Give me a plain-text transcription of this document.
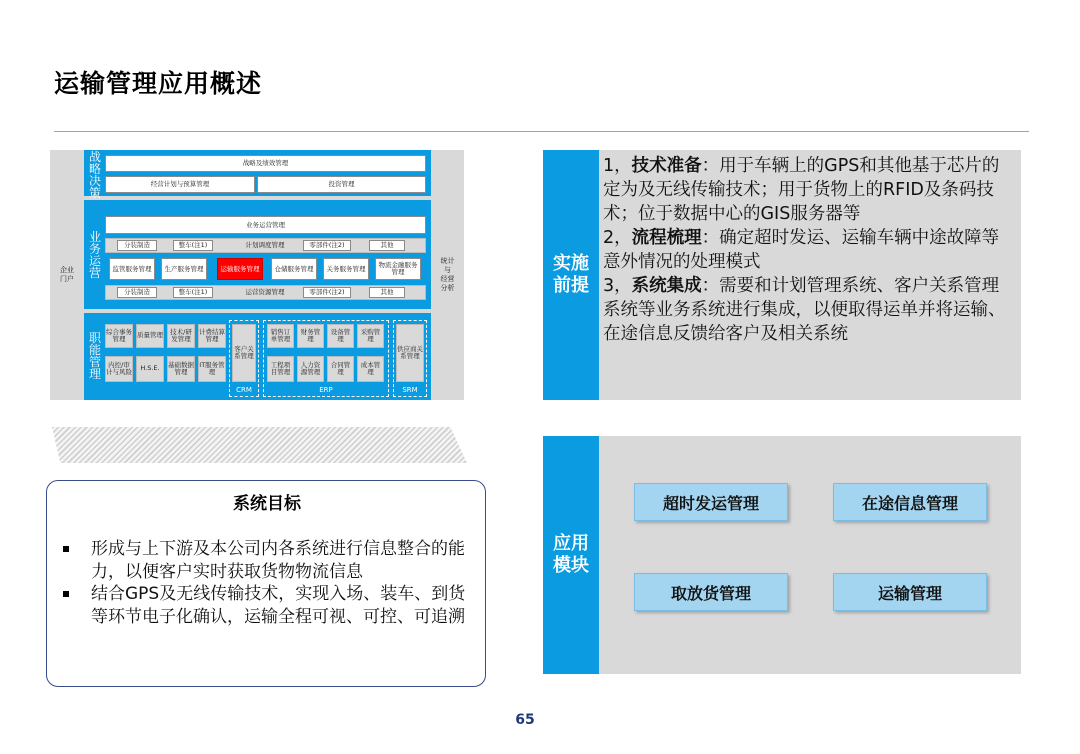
运输管理应用概述
企业
门户
统计
与
经营
分析
战略决策
战略及绩效管理
经营计划与预算管理	投资管理
业务运营
业务运营管理
分装制造	整车(注1)	计划调度管理	零部件(注2)	其他
监管服务管理	生产服务管理	运输服务管理	仓储服务管理	关务服务管理	物流金融服务管理
分装制造	整车(注1)	运营资源管理	零部件(注2)	其他
职能管理
综合事务管理	质量管理	技术/研发管理
计费结算管理
内控/审计与风险	H.S.E.	基础数据管理
IT服务管理
客户关系管理
CRM
销售订单管理
财务管理
设备管理
采购管理
工程项目管理
人力资源管理
合同管理
成本管理
ERP
供应商关系管理
SRM
系统目标
形成与上下游及本公司内各系统进行信息整合的能力，以便客户实时获取货物物流信息
结合GPS及无线传输技术，实现入场、装车、到货等环节电子化确认，运输全程可视、可控、可追溯
实施前提
1，技术准备：用于车辆上的GPS和其他基于芯片的定为及无线传输技术；用于货物上的RFID及条码技术；位于数据中心的GIS服务器等
2，流程梳理：确定超时发运、运输车辆中途故障等意外情况的处理模式
3，系统集成：需要和计划管理系统、客户关系管理系统等业务系统进行集成，以便取得运单并将运输、在途信息反馈给客户及相关系统
应用模块
超时发运管理	在途信息管理
取放货管理	运输管理
65
